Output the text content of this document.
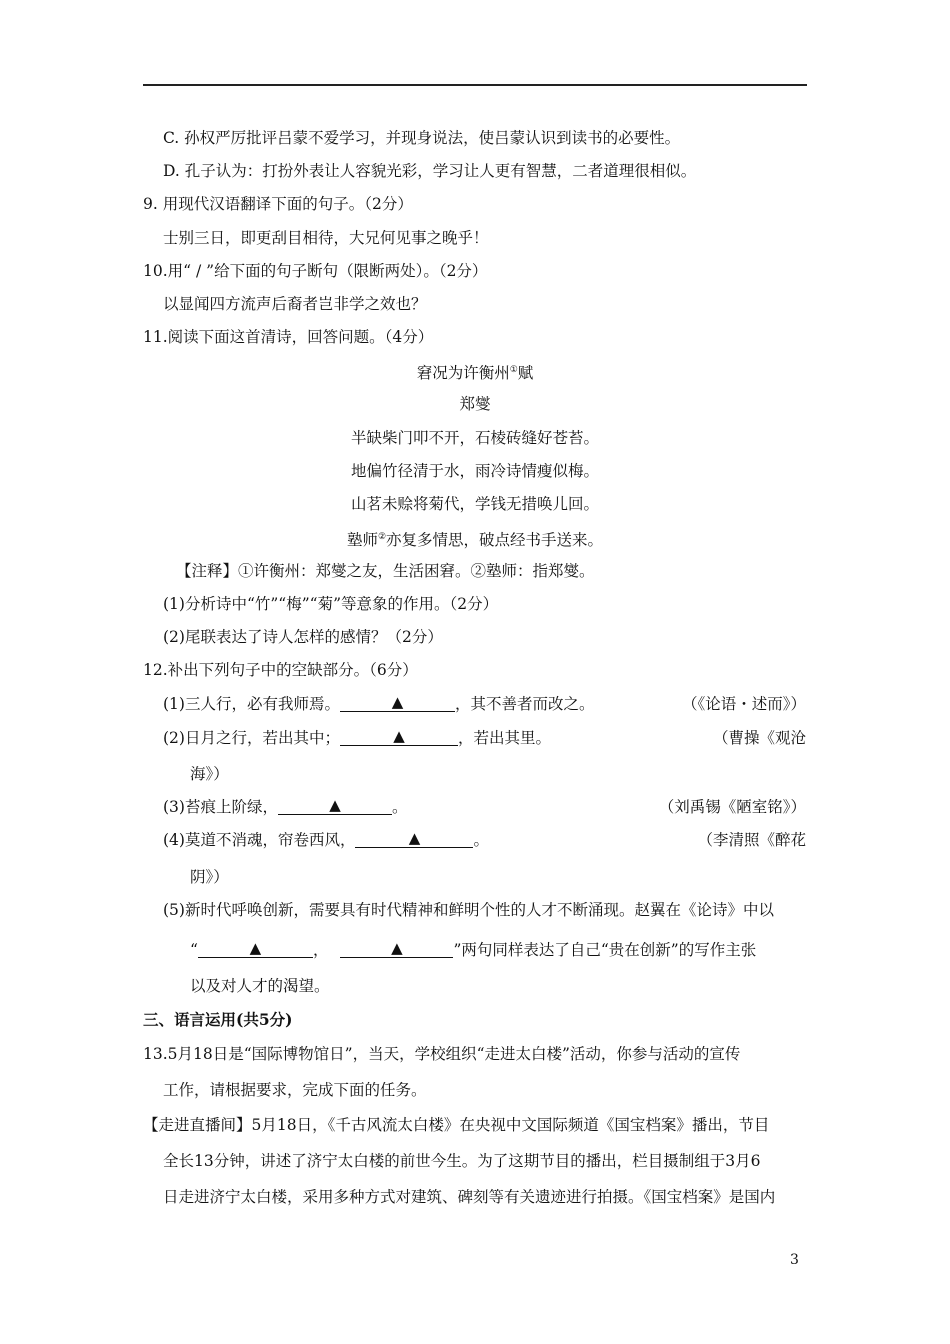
C. 孙权严厉批评吕蒙不爱学习，并现身说法，使吕蒙认识到读书的必要性。
D. 孔子认为：打扮外表让人容貌光彩，学习让人更有智慧，二者道理很相似。
9. 用现代汉语翻译下面的句子。（2分）
士别三日，即更刮目相待，大兄何见事之晚乎！
10.用“ / ”给下面的句子断句（限断两处）。（2分）
以显闻四方流声后裔者岂非学之效也？
11.阅读下面这首清诗，回答问题。（4分）
窘况为许衡州①赋
郑燮
半缺柴门叩不开，石棱砖缝好苍苔。
地偏竹径清于水，雨冷诗情瘦似梅。
山茗未赊将菊代，学钱无措唤儿回。
塾师②亦复多情思，破点经书手送来。
【注释】①许衡州：郑燮之友，生活困窘。②塾师：指郑燮。
(1)分析诗中“竹”“梅”“菊”等意象的作用。（2分）
(2)尾联表达了诗人怎样的感情？（2分）
12.补出下列句子中的空缺部分。（6分）
(1)三人行，必有我师焉。	▲	，其不善者而改之。	（《论语・述而》）
(2)日月之行，若出其中；	▲	，若出其里。	（曹操《观沧
海》）
(3)苔痕上阶绿，	▲	。	（刘禹锡《陋室铭》）
(4)莫道不消魂，帘卷西风，	▲	。	（李清照《醉花
阴》）
(5)新时代呼唤创新，需要具有时代精神和鲜明个性的人才不断涌现。赵翼在《论诗》中以
“	▲	，	▲	”两句同样表达了自己“贵在创新”的写作主张
以及对人才的渴望。
三、语言运用(共5分)
13.5月18日是“国际博物馆日”，当天，学校组织“走进太白楼”活动，你参与活动的宣传
工作，请根据要求，完成下面的任务。
【走进直播间】5月18日，《千古风流太白楼》在央视中文国际频道《国宝档案》播出，节目
全长13分钟，讲述了济宁太白楼的前世今生。为了这期节目的播出，栏目摄制组于3月6
日走进济宁太白楼，采用多种方式对建筑、碑刻等有关遗迹进行拍摄。《国宝档案》是国内
3
